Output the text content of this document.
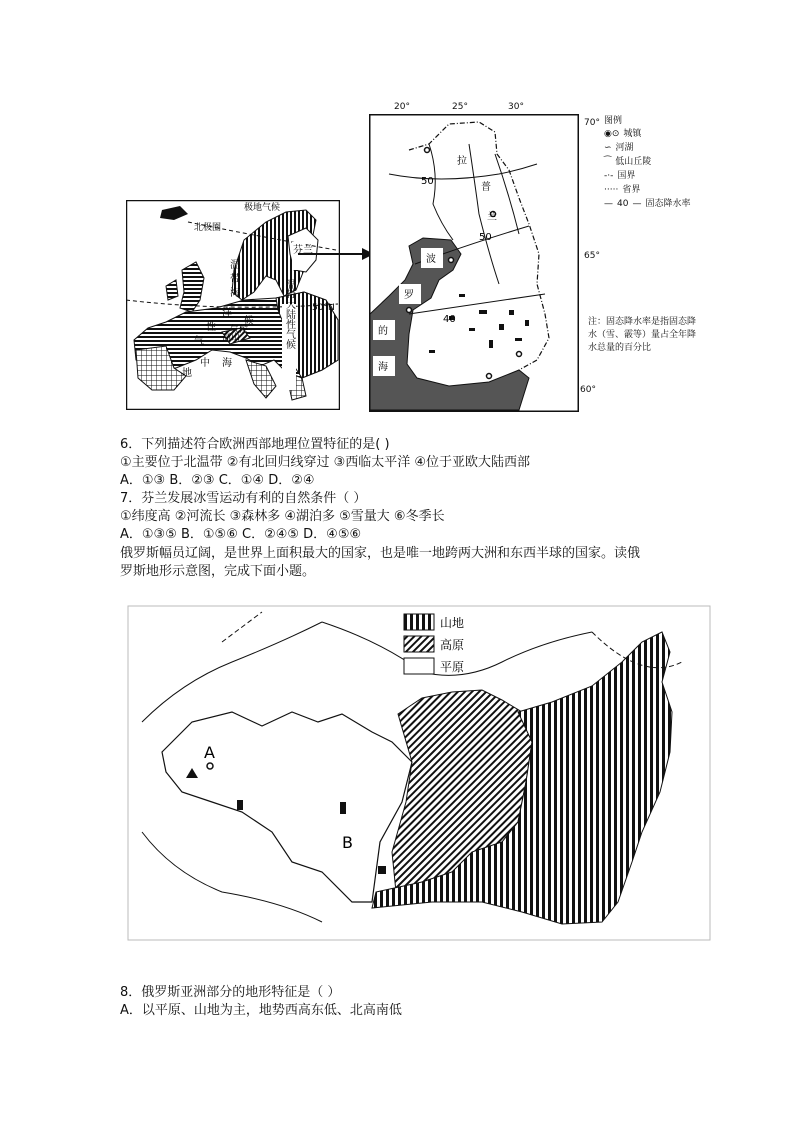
极地气候
北极圈
50°N
芬兰
温
带
海
洋
性
气
候
高山
气候
地
中 海
温带大陆性气候
20°	25°	30°
70°
65°
60°
50
50
40
拉
普
兰
波
罗
的
海
图例
◉⊙ 城镇
∽ 河湖
⁀ 低山丘陵
-·- 国界
····· 省界
— 40 — 固态降水率
注：固态降水率是指固态降
水（雪、霰等）量占全年降
水总量的百分比
6．下列描述符合欧洲西部地理位置特征的是( )
①主要位于北温带 ②有北回归线穿过 ③西临太平洋 ④位于亚欧大陆西部
A．①③ B．②③ C．①④ D．②④
7．芬兰发展冰雪运动有利的自然条件（ ）
①纬度高 ②河流长 ③森林多 ④湖泊多 ⑤雪量大 ⑥冬季长
A．①③⑤ B．①⑤⑥ C．②④⑤ D．④⑤⑥
俄罗斯幅员辽阔，是世界上面积最大的国家，也是唯一地跨两大洲和东西半球的国家。读俄
罗斯地形示意图，完成下面小题。
A
B
山地
高原
平原
8．俄罗斯亚洲部分的地形特征是（ ）
A．以平原、山地为主，地势西高东低、北高南低
